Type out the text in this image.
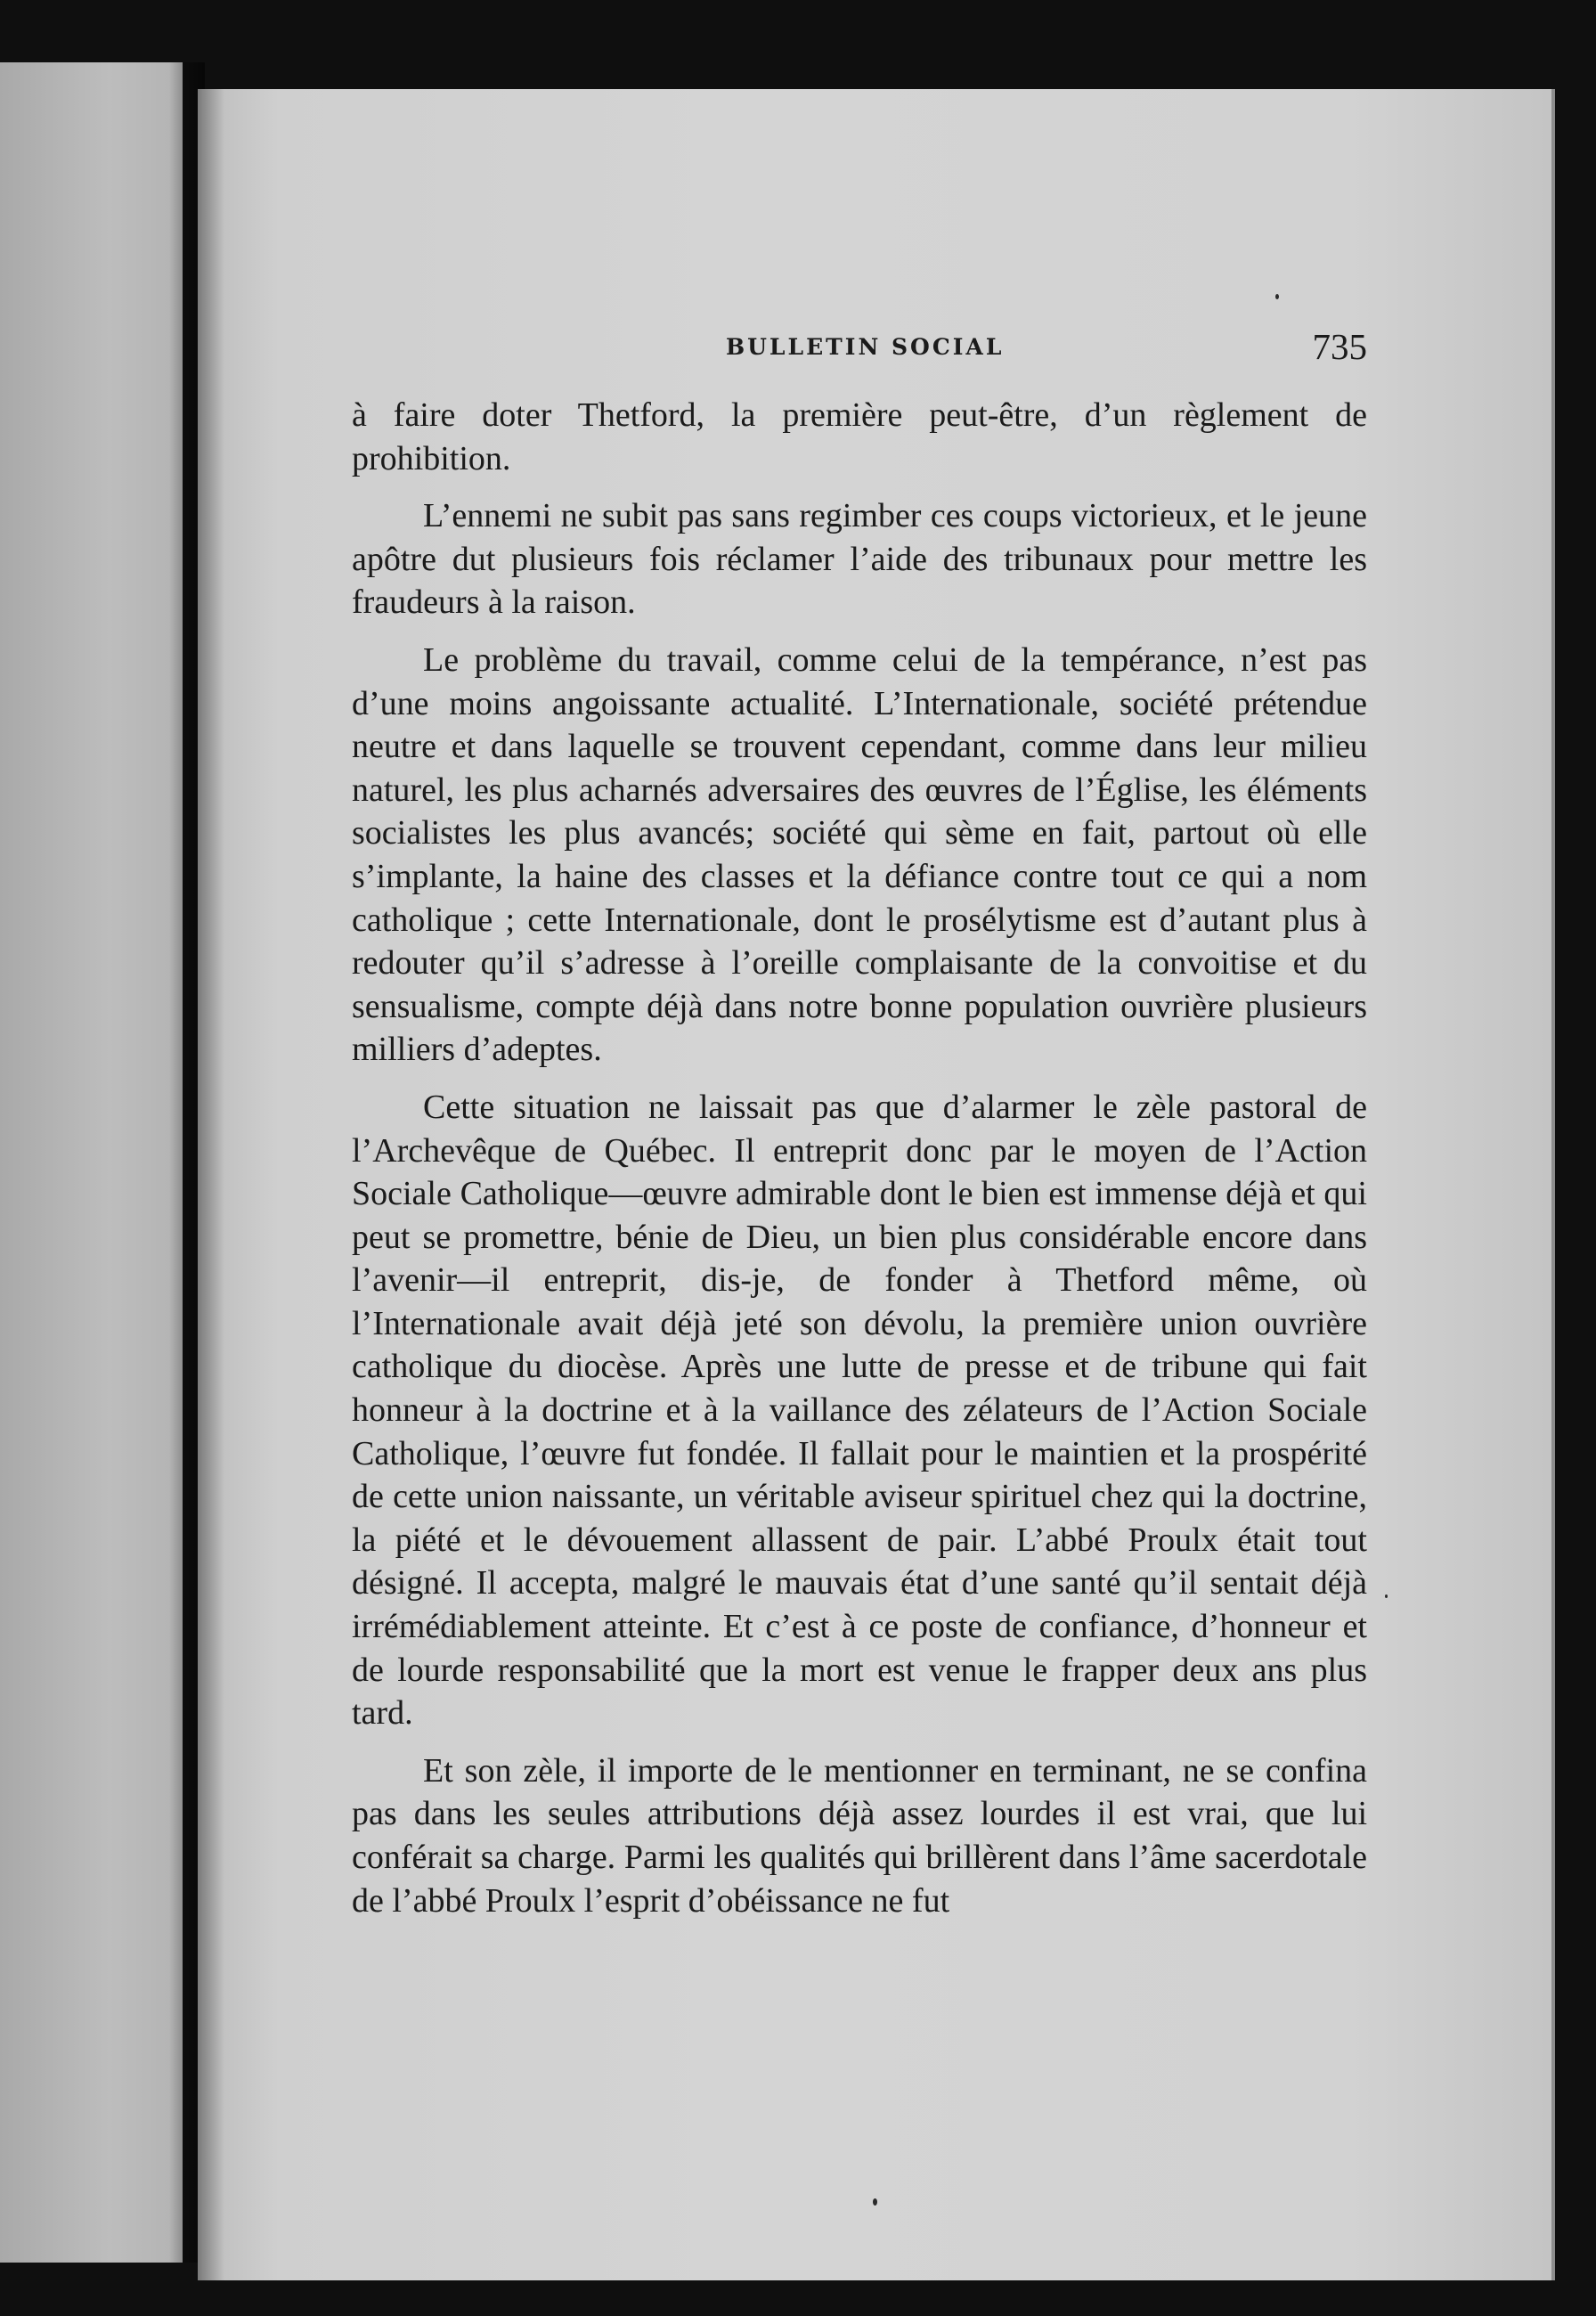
BULLETIN SOCIAL	735

à faire doter Thetford, la première peut-être, d’un règlement de prohibition.

L’ennemi ne subit pas sans regimber ces coups victorieux, et le jeune apôtre dut plusieurs fois réclamer l’aide des tribunaux pour mettre les fraudeurs à la raison.

Le problème du travail, comme celui de la tempérance, n’est pas d’une moins angoissante actualité. L’Internationale, société prétendue neutre et dans laquelle se trouvent cependant, comme dans leur milieu naturel, les plus acharnés adversaires des œuvres de l’Église, les éléments socialistes les plus avancés; société qui sème en fait, partout où elle s’implante, la haine des classes et la défiance contre tout ce qui a nom catholique ; cette Internationale, dont le prosélytisme est d’autant plus à redouter qu’il s’adresse à l’oreille complaisante de la convoitise et du sensualisme, compte déjà dans notre bonne population ouvrière plusieurs milliers d’adeptes.

Cette situation ne laissait pas que d’alarmer le zèle pastoral de l’Archevêque de Québec. Il entreprit donc par le moyen de l’Action Sociale Catholique—œuvre admirable dont le bien est immense déjà et qui peut se promettre, bénie de Dieu, un bien plus considérable encore dans l’avenir—il entreprit, dis-je, de fonder à Thetford même, où l’Internationale avait déjà jeté son dévolu, la première union ouvrière catholique du diocèse. Après une lutte de presse et de tribune qui fait honneur à la doctrine et à la vaillance des zélateurs de l’Action Sociale Catholique, l’œuvre fut fondée. Il fallait pour le maintien et la prospérité de cette union naissante, un véritable aviseur spirituel chez qui la doctrine, la piété et le dévouement allassent de pair. L’abbé Proulx était tout désigné. Il accepta, malgré le mauvais état d’une santé qu’il sentait déjà irrémédiablement atteinte. Et c’est à ce poste de confiance, d’honneur et de lourde responsabilité que la mort est venue le frapper deux ans plus tard.

Et son zèle, il importe de le mentionner en terminant, ne se confina pas dans les seules attributions déjà assez lourdes il est vrai, que lui conférait sa charge. Parmi les qualités qui brillèrent dans l’âme sacerdotale de l’abbé Proulx l’esprit d’obéissance ne fut
